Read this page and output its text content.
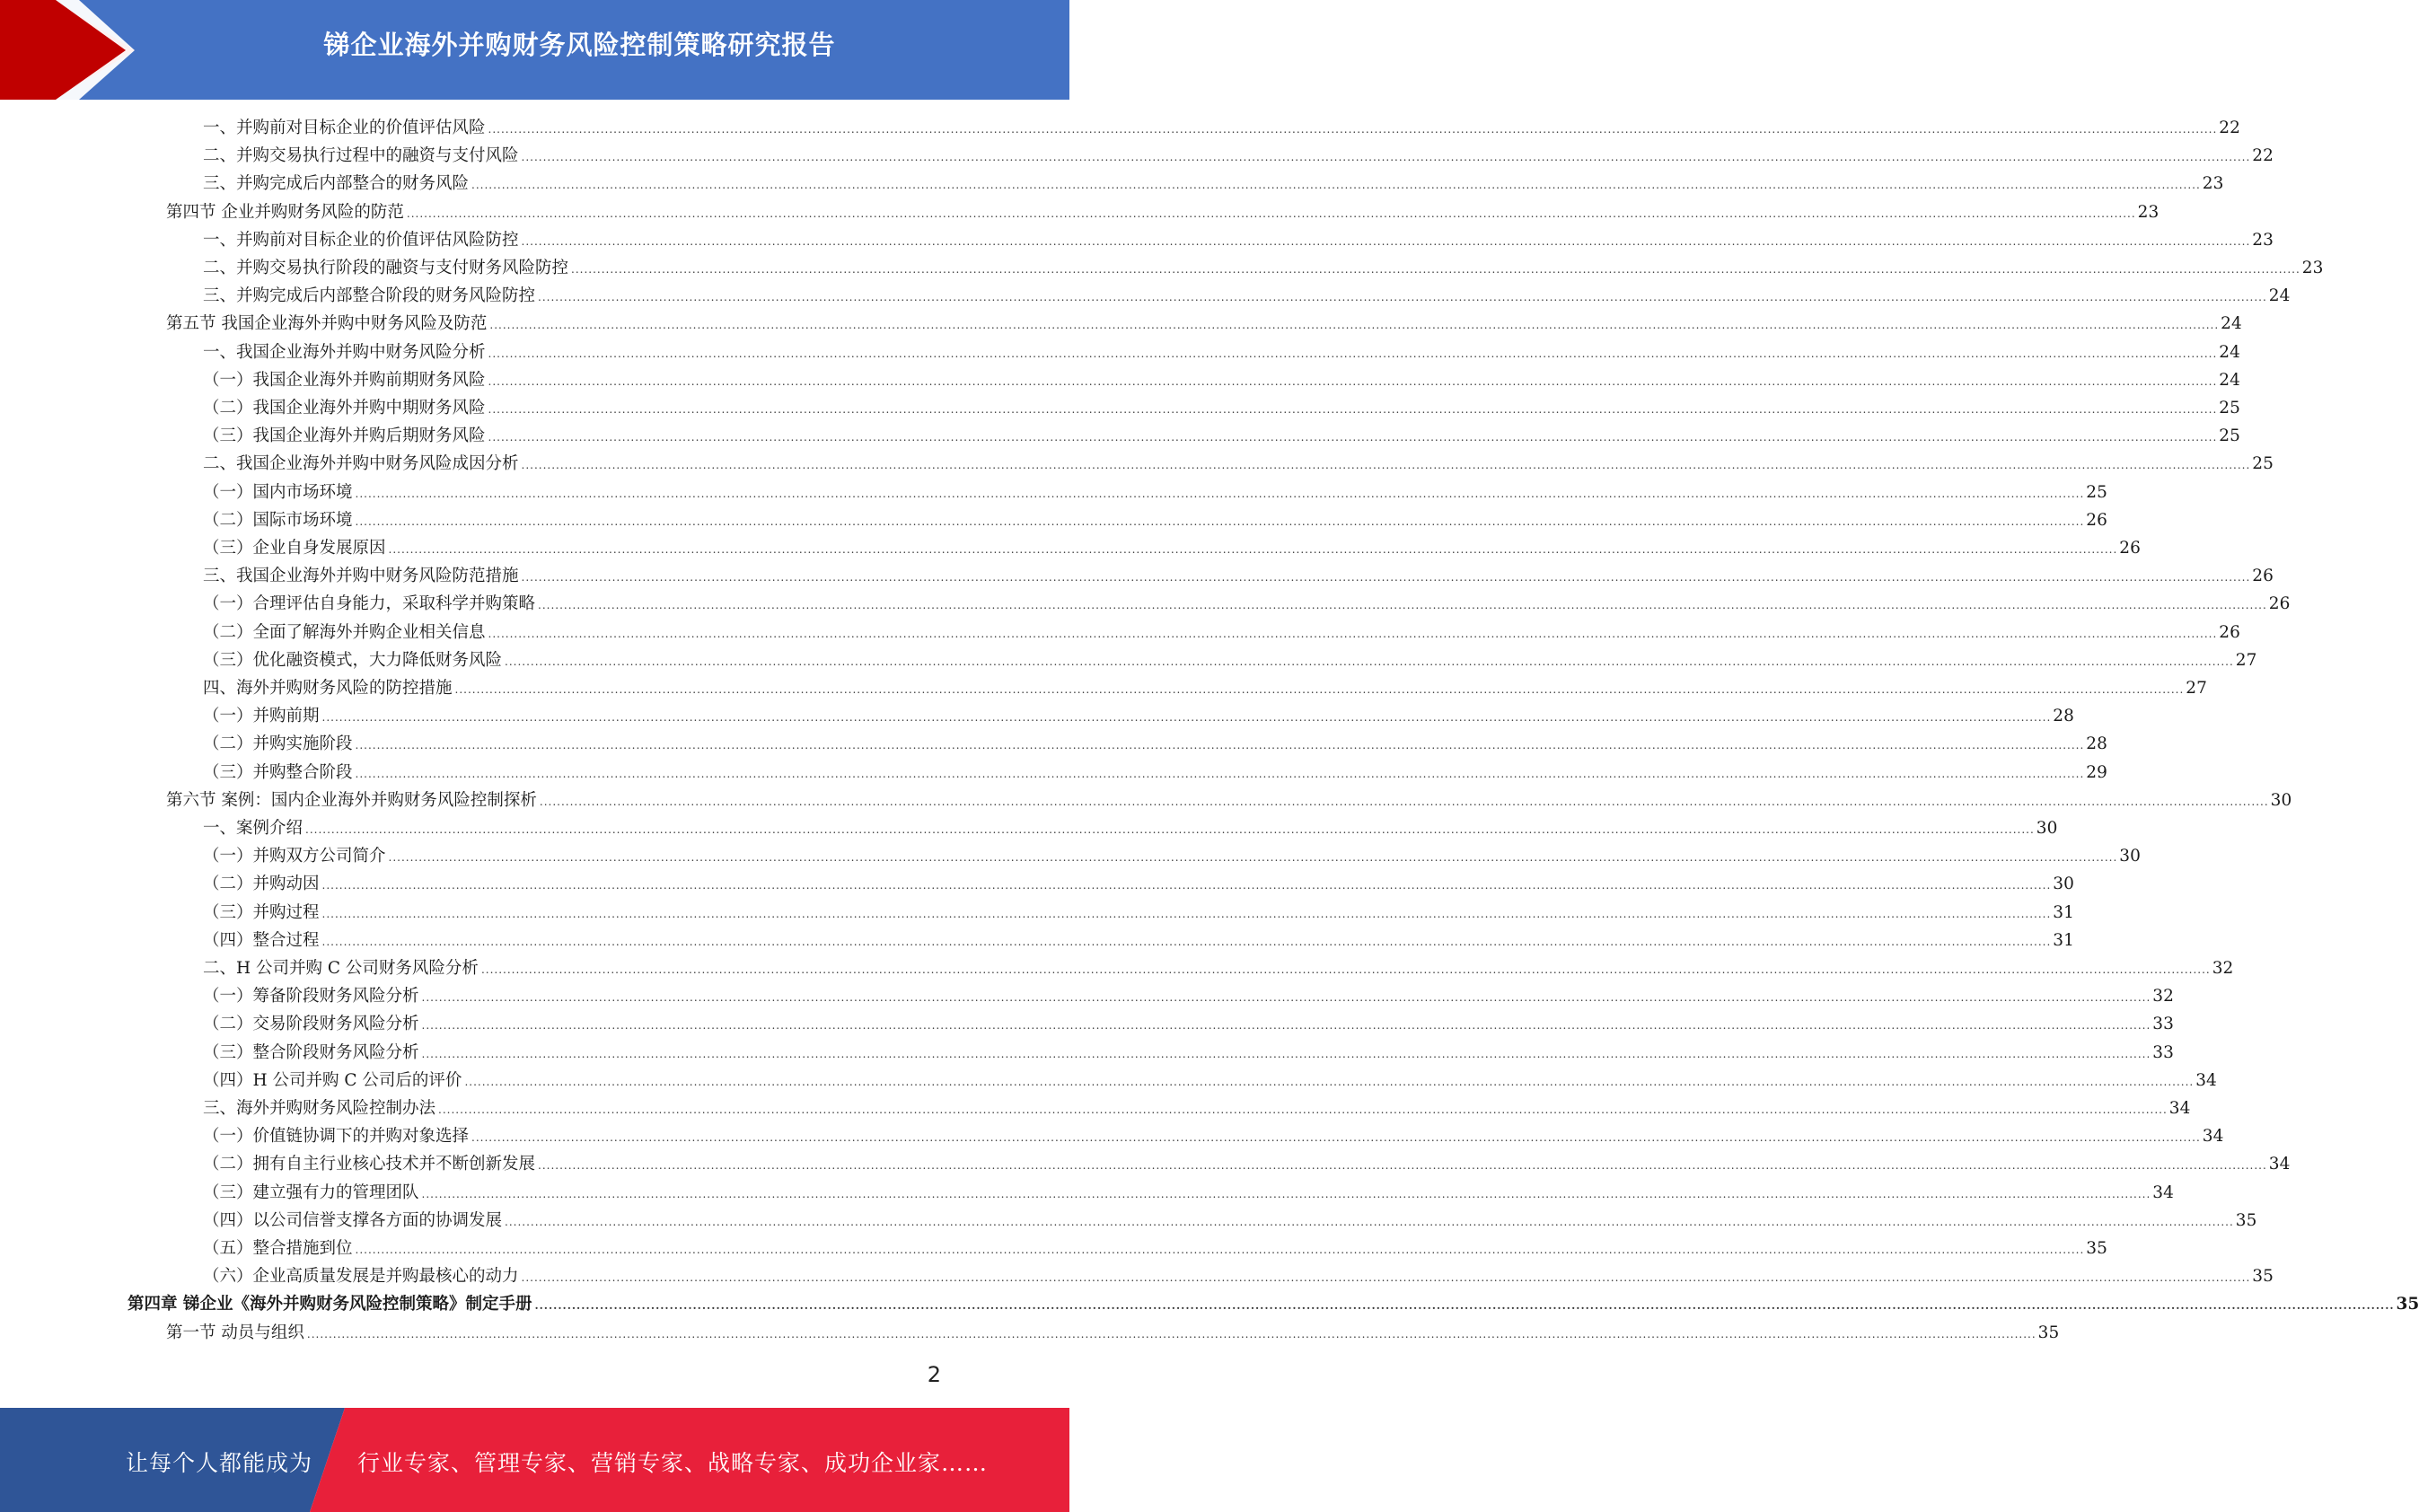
锑企业海外并购财务风险控制策略研究报告
一、并购前对目标企业的价值评估风险 ................................................................................................................................................................................................................................................................................................................................................................................................................ 22
二、并购交易执行过程中的融资与支付风险 ................................................................................................................................................................................................................................................................................................................................................................................................................ 22
三、并购完成后内部整合的财务风险 ................................................................................................................................................................................................................................................................................................................................................................................................................ 23
第四节 企业并购财务风险的防范 ................................................................................................................................................................................................................................................................................................................................................................................................................ 23
一、并购前对目标企业的价值评估风险防控 ................................................................................................................................................................................................................................................................................................................................................................................................................ 23
二、并购交易执行阶段的融资与支付财务风险防控 ................................................................................................................................................................................................................................................................................................................................................................................................................ 23
三、并购完成后内部整合阶段的财务风险防控 ................................................................................................................................................................................................................................................................................................................................................................................................................ 24
第五节 我国企业海外并购中财务风险及防范 ................................................................................................................................................................................................................................................................................................................................................................................................................ 24
一、我国企业海外并购中财务风险分析 ................................................................................................................................................................................................................................................................................................................................................................................................................ 24
（一）我国企业海外并购前期财务风险 ................................................................................................................................................................................................................................................................................................................................................................................................................ 24
（二）我国企业海外并购中期财务风险 ................................................................................................................................................................................................................................................................................................................................................................................................................ 25
（三）我国企业海外并购后期财务风险 ................................................................................................................................................................................................................................................................................................................................................................................................................ 25
二、我国企业海外并购中财务风险成因分析 ................................................................................................................................................................................................................................................................................................................................................................................................................ 25
（一）国内市场环境 ................................................................................................................................................................................................................................................................................................................................................................................................................ 25
（二）国际市场环境 ................................................................................................................................................................................................................................................................................................................................................................................................................ 26
（三）企业自身发展原因 ................................................................................................................................................................................................................................................................................................................................................................................................................ 26
三、我国企业海外并购中财务风险防范措施 ................................................................................................................................................................................................................................................................................................................................................................................................................ 26
（一）合理评估自身能力，采取科学并购策略 ................................................................................................................................................................................................................................................................................................................................................................................................................ 26
（二）全面了解海外并购企业相关信息 ................................................................................................................................................................................................................................................................................................................................................................................................................ 26
（三）优化融资模式，大力降低财务风险 ................................................................................................................................................................................................................................................................................................................................................................................................................ 27
四、海外并购财务风险的防控措施 ................................................................................................................................................................................................................................................................................................................................................................................................................ 27
（一）并购前期 ................................................................................................................................................................................................................................................................................................................................................................................................................ 28
（二）并购实施阶段 ................................................................................................................................................................................................................................................................................................................................................................................................................ 28
（三）并购整合阶段 ................................................................................................................................................................................................................................................................................................................................................................................................................ 29
第六节 案例：国内企业海外并购财务风险控制探析 ................................................................................................................................................................................................................................................................................................................................................................................................................ 30
一、案例介绍 ................................................................................................................................................................................................................................................................................................................................................................................................................ 30
（一）并购双方公司简介 ................................................................................................................................................................................................................................................................................................................................................................................................................ 30
（二）并购动因 ................................................................................................................................................................................................................................................................................................................................................................................................................ 30
（三）并购过程 ................................................................................................................................................................................................................................................................................................................................................................................................................ 31
（四）整合过程 ................................................................................................................................................................................................................................................................................................................................................................................................................ 31
二、H 公司并购 C 公司财务风险分析 ................................................................................................................................................................................................................................................................................................................................................................................................................ 32
（一）筹备阶段财务风险分析 ................................................................................................................................................................................................................................................................................................................................................................................................................ 32
（二）交易阶段财务风险分析 ................................................................................................................................................................................................................................................................................................................................................................................................................ 33
（三）整合阶段财务风险分析 ................................................................................................................................................................................................................................................................................................................................................................................................................ 33
（四）H 公司并购 C 公司后的评价 ................................................................................................................................................................................................................................................................................................................................................................................................................ 34
三、海外并购财务风险控制办法 ................................................................................................................................................................................................................................................................................................................................................................................................................ 34
（一）价值链协调下的并购对象选择 ................................................................................................................................................................................................................................................................................................................................................................................................................ 34
（二）拥有自主行业核心技术并不断创新发展 ................................................................................................................................................................................................................................................................................................................................................................................................................ 34
（三）建立强有力的管理团队 ................................................................................................................................................................................................................................................................................................................................................................................................................ 34
（四）以公司信誉支撑各方面的协调发展 ................................................................................................................................................................................................................................................................................................................................................................................................................ 35
（五）整合措施到位 ................................................................................................................................................................................................................................................................................................................................................................................................................ 35
（六）企业高质量发展是并购最核心的动力 ................................................................................................................................................................................................................................................................................................................................................................................................................ 35
第四章 锑企业《海外并购财务风险控制策略》制定手册 ................................................................................................................................................................................................................................................................................................................................................................................................................ 35
第一节 动员与组织 ................................................................................................................................................................................................................................................................................................................................................................................................................ 35
2
让每个人都能成为 行业专家、管理专家、营销专家、战略专家、成功企业家……
